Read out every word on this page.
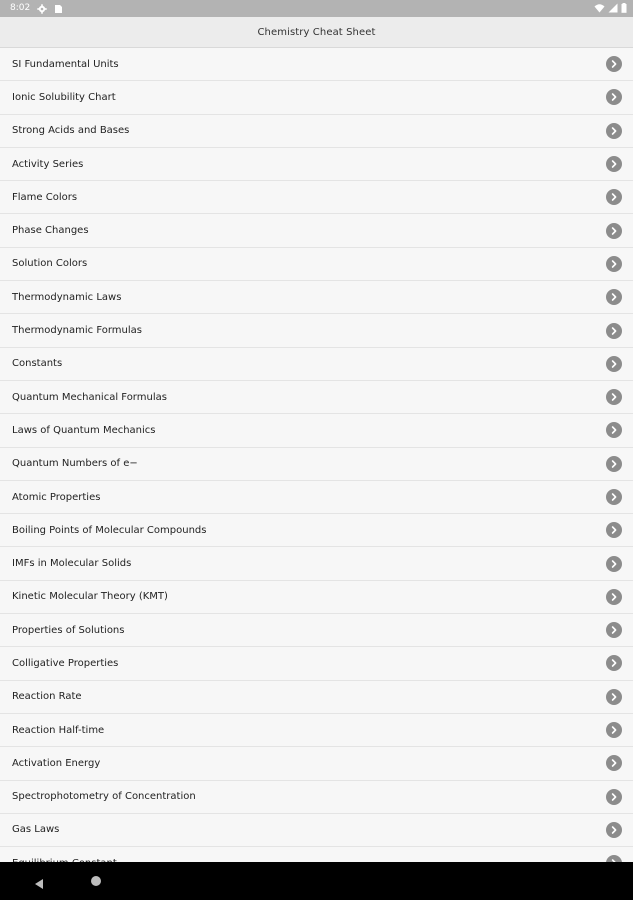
8:02
Chemistry Cheat Sheet
SI Fundamental Units
Ionic Solubility Chart
Strong Acids and Bases
Activity Series
Flame Colors
Phase Changes
Solution Colors
Thermodynamic Laws
Thermodynamic Formulas
Constants
Quantum Mechanical Formulas
Laws of Quantum Mechanics
Quantum Numbers of e−
Atomic Properties
Boiling Points of Molecular Compounds
IMFs in Molecular Solids
Kinetic Molecular Theory (KMT)
Properties of Solutions
Colligative Properties
Reaction Rate
Reaction Half-time
Activation Energy
Spectrophotometry of Concentration
Gas Laws
